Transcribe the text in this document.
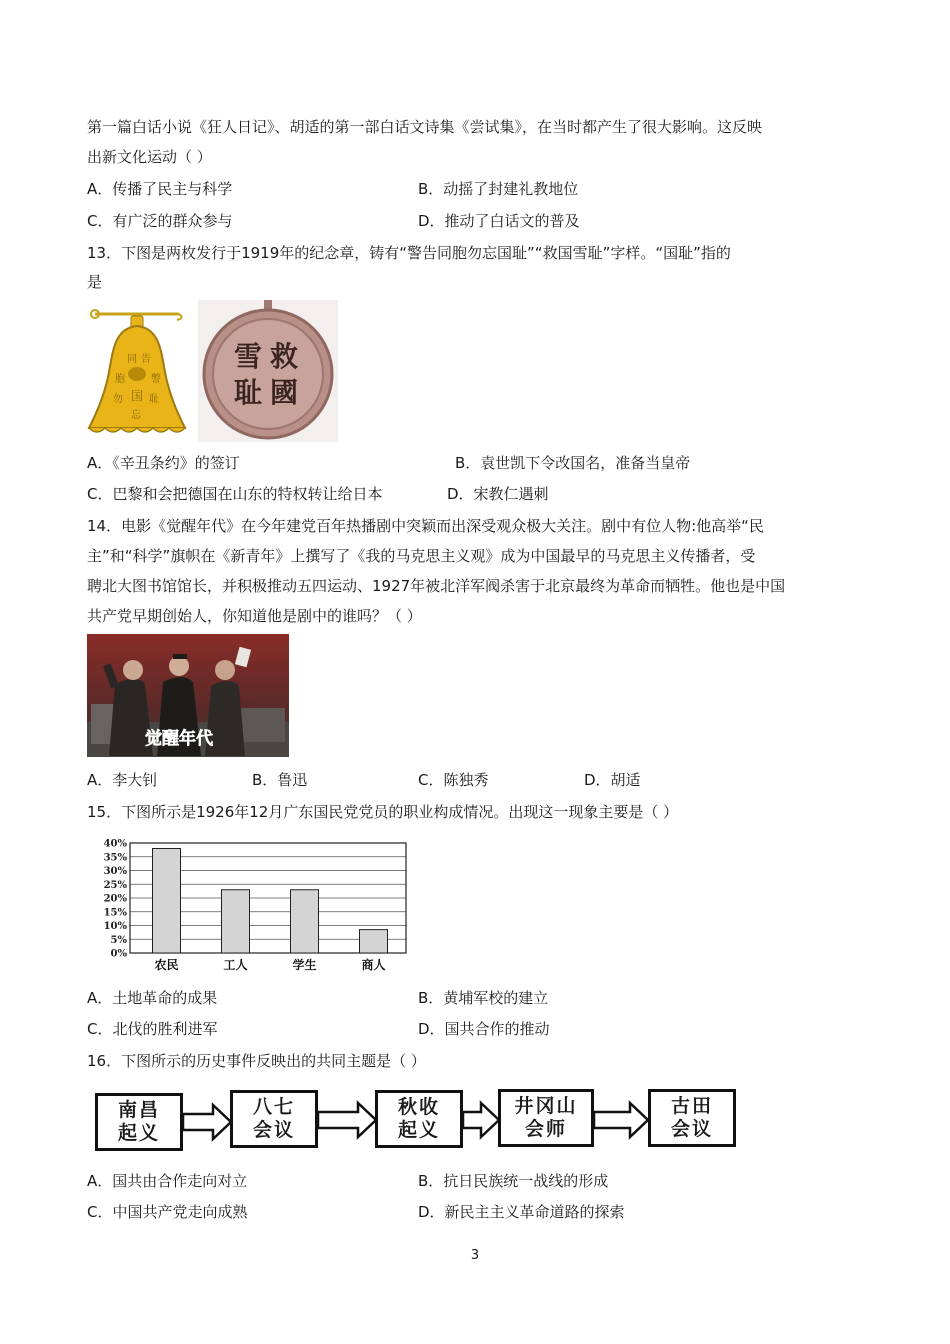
第一篇白话小说《狂人日记》、胡适的第一部白话文诗集《尝试集》，在当时都产生了很大影响。这反映
出新文化运动（ ）
A．传播了民主与科学	B．动摇了封建礼教地位
C．有广泛的群众参与	D．推动了白话文的普及
13．下图是两枚发行于1919年的纪念章，铸有“警告同胞勿忘国耻”“救国雪耻”字样。“国耻”指的
是
同 告
胞	警
勿 国 耻
忘
雪 救
耻 國
A．《辛丑条约》的签订	B．袁世凯下令改国名，准备当皇帝
C．巴黎和会把德国在山东的特权转让给日本	D．宋教仁遇刺
14．电影《觉醒年代》在今年建党百年热播剧中突颖而出深受观众极大关注。剧中有位人物:他高举“民
主”和“科学”旗帜在《新青年》上撰写了《我的马克思主义观》成为中国最早的马克思主义传播者，受
聘北大图书馆馆长，并积极推动五四运动、1927年被北洋军阀杀害于北京最终为革命而牺牲。他也是中国
共产党早期创始人，你知道他是剧中的谁吗？（ ）
觉醒年代
A．李大钊	B．鲁迅	C．陈独秀	D．胡适
15．下图所示是1926年12月广东国民党党员的职业构成情况。出现这一现象主要是（ ）
40%
35%
30%
25%
20%
15%
10%
5%
0%
农民	工人	学生	商人
A．土地革命的成果	B．黄埔军校的建立
C．北伐的胜利进军	D．国共合作的推动
16．下图所示的历史事件反映出的共同主题是（ ）
南昌
起义
八七
会议
秋收
起义
井冈山
会师
古田
会议
A．国共由合作走向对立	B．抗日民族统一战线的形成
C．中国共产党走向成熟	D．新民主主义革命道路的探索
3
